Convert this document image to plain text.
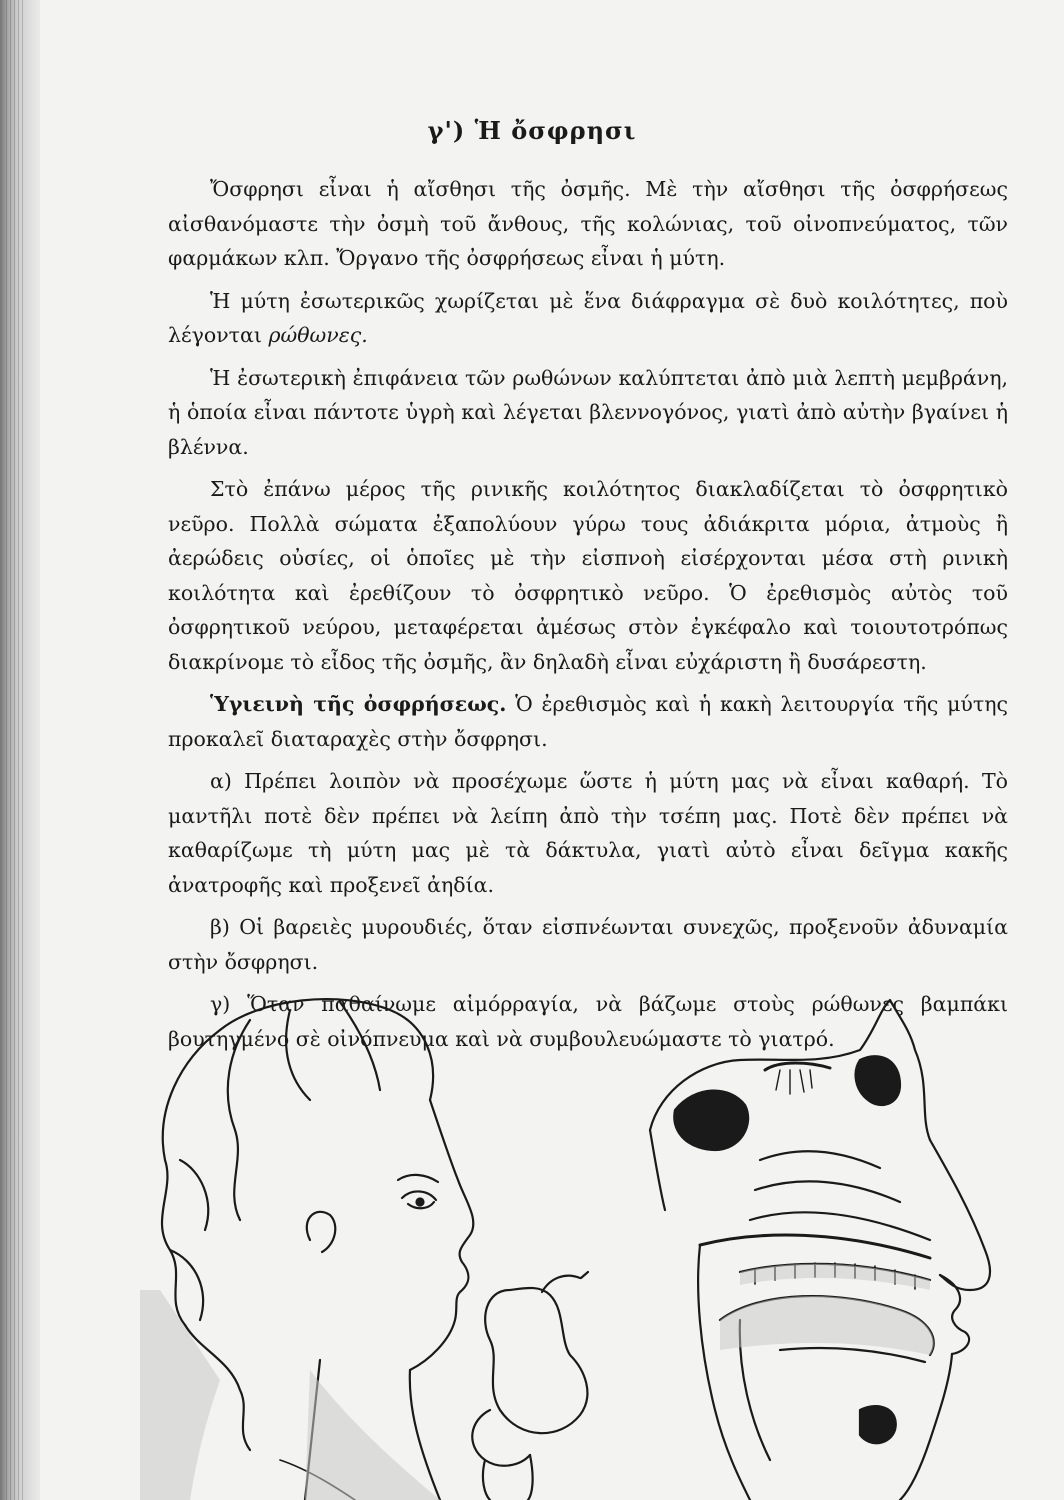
γ') Ἡ ὄσφρησι

Ὄσφρησι εἶναι ἡ αἴσθησι τῆς ὀσμῆς. Μὲ τὴν αἴσθησι τῆς ὀσφρήσεως αἰσθανόμαστε τὴν ὀσμὴ τοῦ ἄνθους, τῆς κολώνιας, τοῦ οἰνοπνεύματος, τῶν φαρμάκων κλπ. Ὄργανο τῆς ὀσφρήσεως εἶναι ἡ μύτη.

Ἡ μύτη ἐσωτερικῶς χωρίζεται μὲ ἕνα διάφραγμα σὲ δυὸ κοιλότητες, ποὺ λέγονται ρώθωνες.

Ἡ ἐσωτερικὴ ἐπιφάνεια τῶν ρωθώνων καλύπτεται ἀπὸ μιὰ λεπτὴ μεμβράνη, ἡ ὁποία εἶναι πάντοτε ὑγρὴ καὶ λέγεται βλεννογόνος, γιατὶ ἀπὸ αὐτὴν βγαίνει ἡ βλέννα.

Στὸ ἐπάνω μέρος τῆς ρινικῆς κοιλότητος διακλαδίζεται τὸ ὀσφρητικὸ νεῦρο. Πολλὰ σώματα ἐξαπολύουν γύρω τους ἀδιάκριτα μόρια, ἀτμοὺς ἢ ἀερώδεις οὐσίες, οἱ ὁποῖες μὲ τὴν εἰσπνοὴ εἰσέρχονται μέσα στὴ ρινικὴ κοιλότητα καὶ ἐρεθίζουν τὸ ὀσφρητικὸ νεῦρο. Ὁ ἐρεθισμὸς αὐτὸς τοῦ ὀσφρητικοῦ νεύρου, μεταφέρεται ἀμέσως στὸν ἐγκέφαλο καὶ τοιουτοτρόπως διακρίνομε τὸ εἶδος τῆς ὀσμῆς, ἂν δηλαδὴ εἶναι εὐχάριστη ἢ δυσάρεστη.

Ὑγιεινὴ τῆς ὀσφρήσεως. Ὁ ἐρεθισμὸς καὶ ἡ κακὴ λειτουργία τῆς μύτης προκαλεῖ διαταραχὲς στὴν ὄσφρησι.

α) Πρέπει λοιπὸν νὰ προσέχωμε ὥστε ἡ μύτη μας νὰ εἶναι καθαρή. Τὸ μαντῆλι ποτὲ δὲν πρέπει νὰ λείπη ἀπὸ τὴν τσέπη μας. Ποτὲ δὲν πρέπει νὰ καθαρίζωμε τὴ μύτη μας μὲ τὰ δάκτυλα, γιατὶ αὐτὸ εἶναι δεῖγμα κακῆς ἀνατροφῆς καὶ προξενεῖ ἀηδία.

β) Οἱ βαρειὲς μυρουδιές, ὅταν εἰσπνέωνται συνεχῶς, προξενοῦν ἀδυναμία στὴν ὄσφρησι.

γ) Ὅταν παθαίνωμε αἱμόρραγία, νὰ βάζωμε στοὺς ρώθωνες βαμπάκι βουτηγμένο σὲ οἰνόπνευμα καὶ νὰ συμβουλευώμαστε τὸ γιατρό.
